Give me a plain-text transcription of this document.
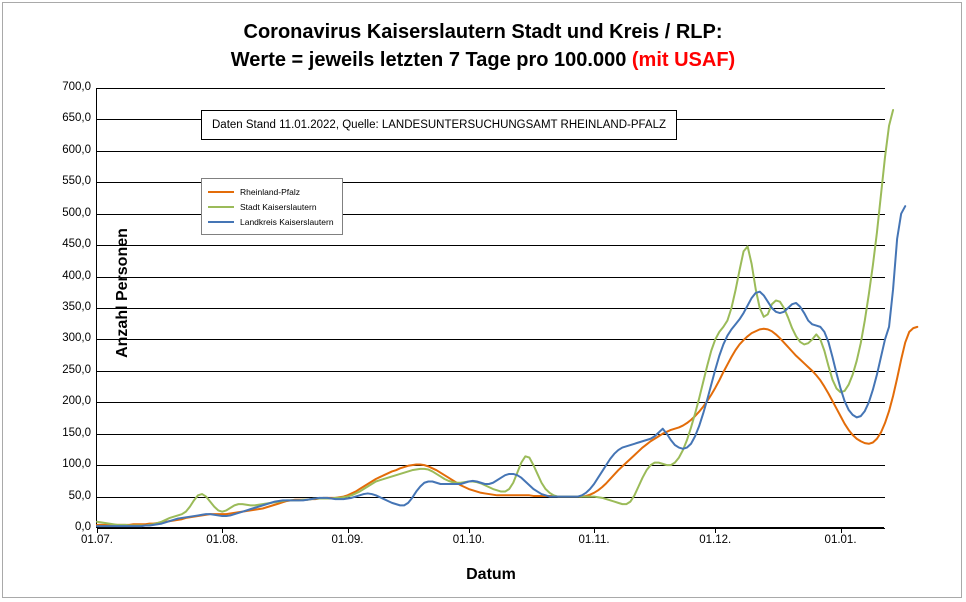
Coronavirus Kaiserslautern Stadt und Kreis / RLP:
Werte = jeweils letzten 7 Tage pro 100.000 (mit USAF)
0,0
50,0
100,0
150,0
200,0
250,0
300,0
350,0
400,0
450,0
500,0
550,0
600,0
650,0
700,0
01.07.	01.08.	01.09.	01.10.	01.11.	01.12.	01.01.
Daten Stand 11.01.2022, Quelle: LANDESUNTERSUCHUNGSAMT RHEINLAND-PFALZ
Rheinland-Pfalz
Stadt Kaiserslautern
Landkreis Kaiserslautern
Anzahl Personen
Datum
